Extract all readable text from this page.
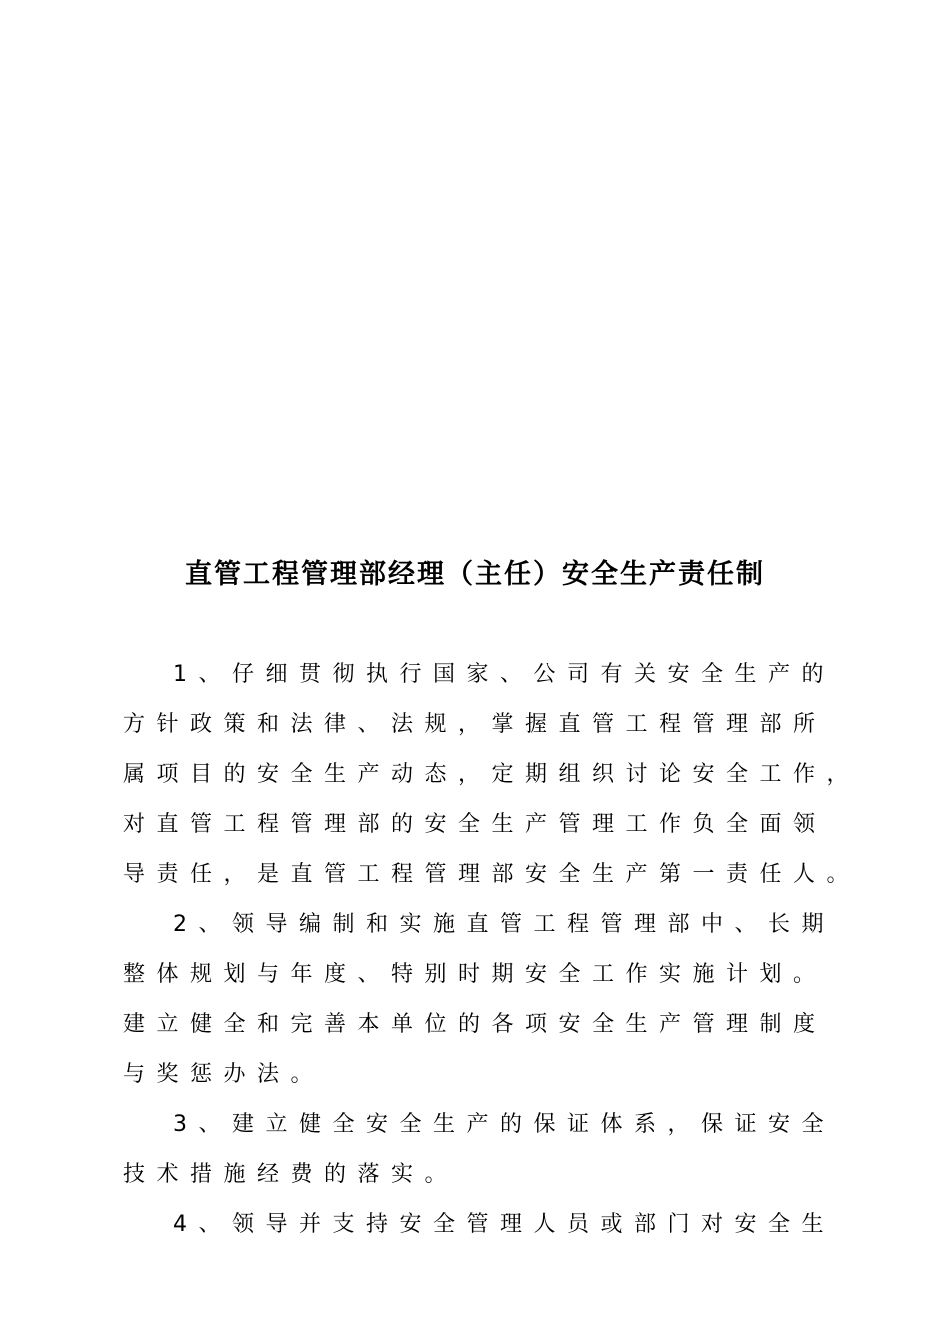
直管工程管理部经理（主任）安全生产责任制
1、仔细贯彻执行国家、公司有关安全生产的
方针政策和法律、法规，掌握直管工程管理部所
属项目的安全生产动态，定期组织讨论安全工作，
对直管工程管理部的安全生产管理工作负全面领
导责任，是直管工程管理部安全生产第一责任人。
2、领导编制和实施直管工程管理部中、长期
整体规划与年度、特别时期安全工作实施计划。
建立健全和完善本单位的各项安全生产管理制度
与奖惩办法。
3、建立健全安全生产的保证体系，保证安全
技术措施经费的落实。
4、领导并支持安全管理人员或部门对安全生
